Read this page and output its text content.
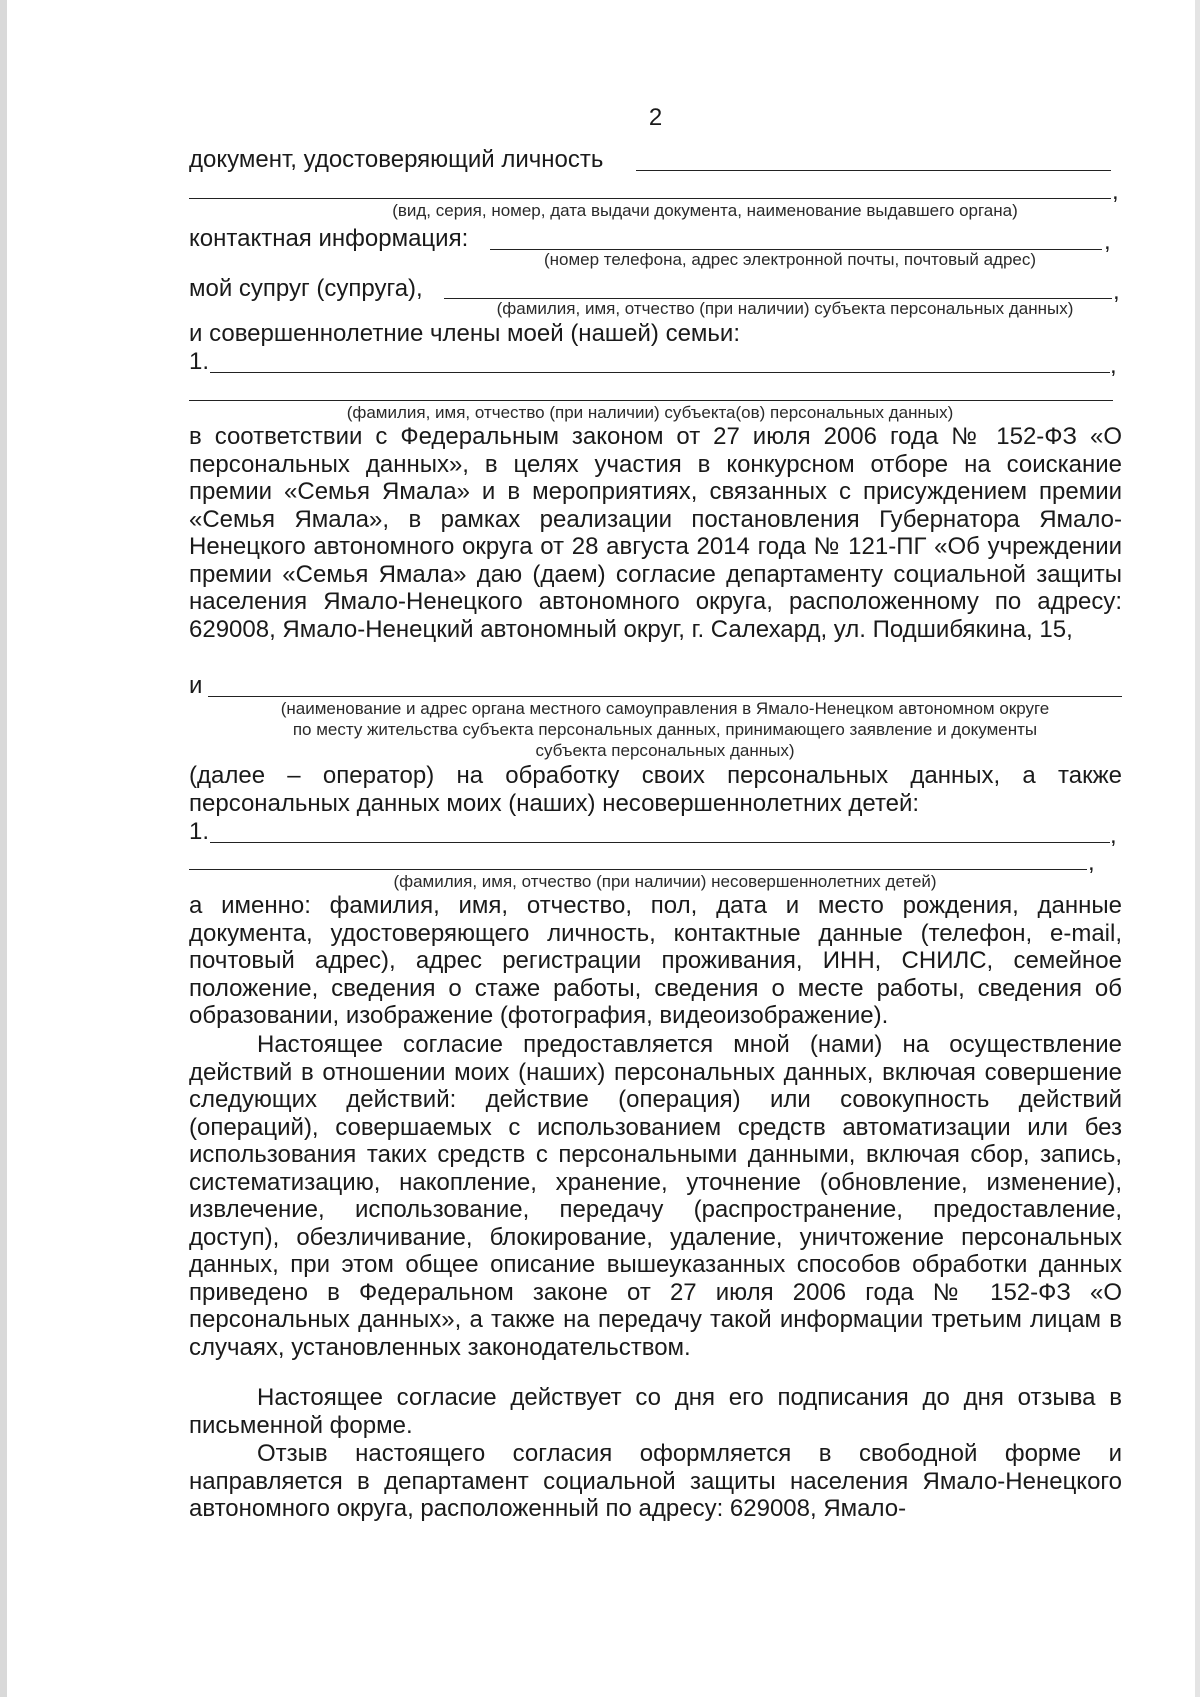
2
документ, удостоверяющий личность
,
(вид, серия, номер, дата выдачи документа, наименование выдавшего органа)
контактная информация:	,
(номер телефона, адрес электронной почты, почтовый адрес)
мой супруг (супруга),	,
(фамилия, имя, отчество (при наличии) субъекта персональных данных)
и совершеннолетние члены моей (нашей) семьи:
1.	,
(фамилия, имя, отчество (при наличии) субъекта(ов) персональных данных)

в соответствии с Федеральным законом от 27 июля 2006 года № 152-ФЗ «О персональных данных», в целях участия в конкурсном отборе на соискание премии «Семья Ямала» и в мероприятиях, связанных с присуждением премии «Семья Ямала», в рамках реализации постановления Губернатора Ямало-Ненецкого автономного округа от 28 августа 2014 года № 121-ПГ «Об учреждении премии «Семья Ямала» даю (даем) согласие департаменту социальной защиты населения Ямало-Ненецкого автономного округа, расположенному по адресу: 629008, Ямало-Ненецкий автономный округ, г. Салехард, ул. Подшибякина, 15,

и
(наименование и адрес органа местного самоуправления в Ямало-Ненецком автономном округе
по месту жительства субъекта персональных данных, принимающего заявление и документы
субъекта персональных данных)

(далее – оператор) на обработку своих персональных данных, а также персональных данных моих (наших) несовершеннолетних детей:

1.	,
,
(фамилия, имя, отчество (при наличии) несовершеннолетних детей)

а именно: фамилия, имя, отчество, пол, дата и место рождения, данные документа, удостоверяющего личность, контактные данные (телефон, e-mail, почтовый адрес), адрес регистрации проживания, ИНН, СНИЛС, семейное положение, сведения о стаже работы, сведения о месте работы, сведения об образовании, изображение (фотография, видеоизображение).

Настоящее согласие предоставляется мной (нами) на осуществление действий в отношении моих (наших) персональных данных, включая совершение следующих действий: действие (операция) или совокупность действий (операций), совершаемых с использованием средств автоматизации или без использования таких средств с персональными данными, включая сбор, запись, систематизацию, накопление, хранение, уточнение (обновление, изменение), извлечение, использование, передачу (распространение, предоставление, доступ), обезличивание, блокирование, удаление, уничтожение персональных данных, при этом общее описание вышеуказанных способов обработки данных приведено в Федеральном законе от 27 июля 2006 года № 152-ФЗ «О персональных данных», а также на передачу такой информации третьим лицам в случаях, установленных законодательством.

Настоящее согласие действует со дня его подписания до дня отзыва в письменной форме.

Отзыв настоящего согласия оформляется в свободной форме и направляется в департамент социальной защиты населения Ямало-Ненецкого автономного округа, расположенный по адресу: 629008, Ямало-
